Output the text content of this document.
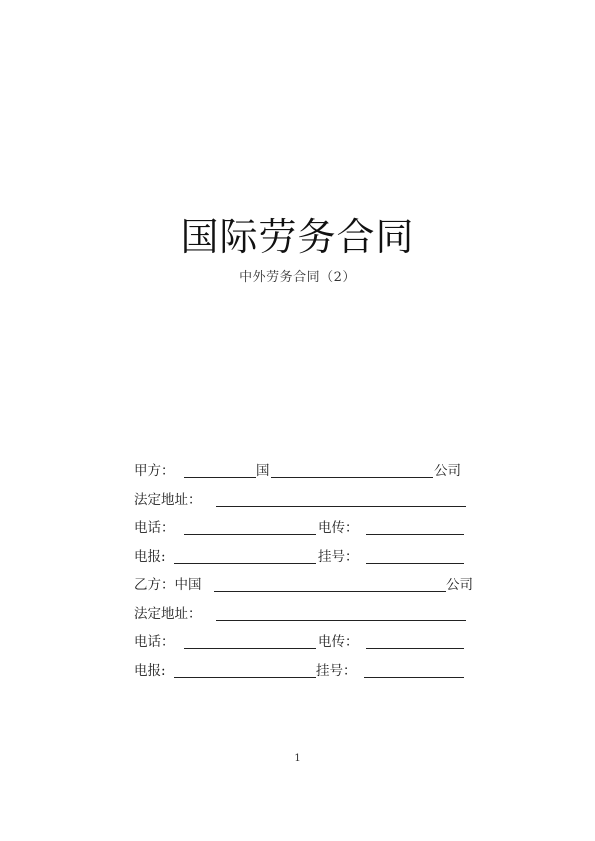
国际劳务合同
中外劳务合同（2）
甲方：	国	公司
法定地址：
电话：	电传：
电报:	挂号：
乙方：中国	公司
法定地址：
电话：	电传：
电报:	挂号：
1
